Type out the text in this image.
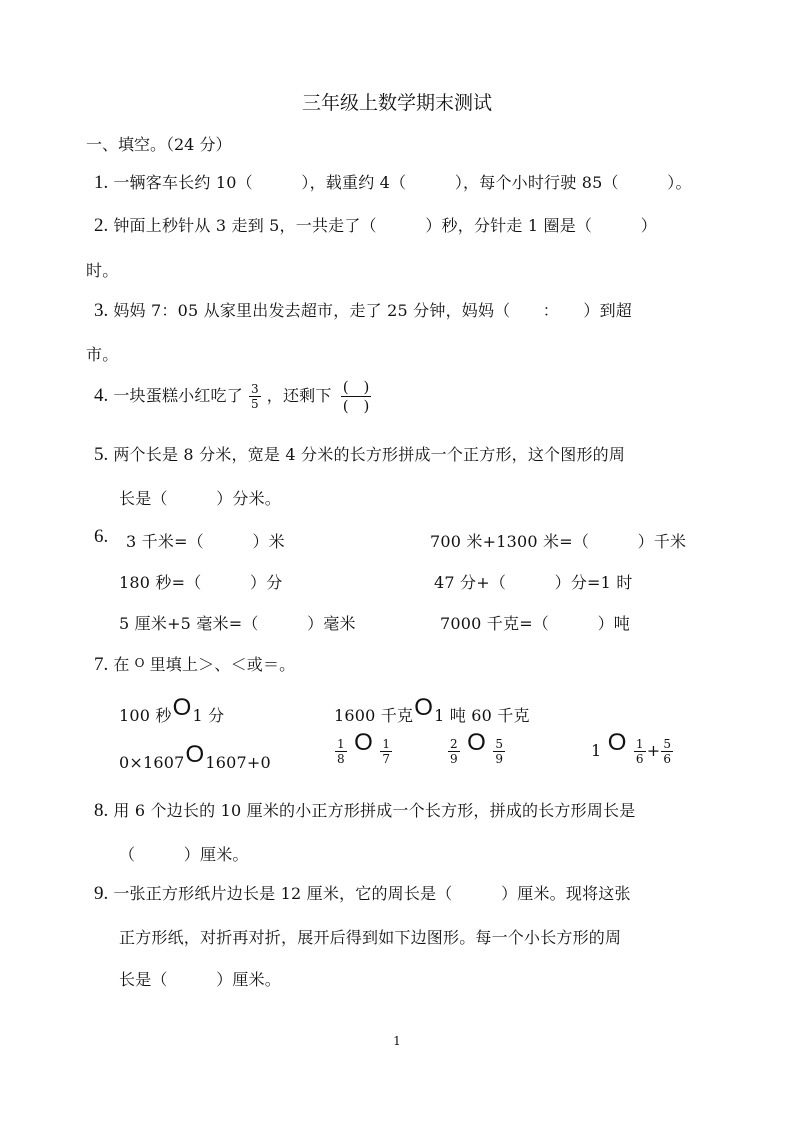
三年级上数学期末测试
一、填空。（24 分）
1. 一辆客车长约 10（　　　），载重约 4（　　　），每个小时行驶 85（　　　）。
2. 钟面上秒针从 3 走到 5，一共走了（　　　）秒，分针走 1 圈是（　　　）
时。
3. 妈妈 7：05 从家里出发去超市，走了 25 分钟，妈妈（　　：　　）到超
市。
4. 一块蛋糕小红吃了 $\frac{3}{5}$ ，还剩下 (　)
(　)
5. 两个长是 8 分米，宽是 4 分米的长方形拼成一个正方形，这个图形的周
长是（　　　）分米。
6. 3 千米=（　　　）米	700 米+1300 米=（　　　）千米
180 秒=（　　　）分	47 分+（　　　）分=1 时
5 厘米+5 毫米=（　　　）毫米	7000 千克=（　　　）吨
7. 在 O 里填上＞、＜或＝。
100 秒O1 分	1600 千克O1 吨 60 千克
0×1607O1607+0	$\frac{1}{8}$ O $\frac{1}{7}$	$\frac{2}{9}$ O $\frac{5}{9}$	1 O $\frac{1}{6} + \frac{5}{6}$
8. 用 6 个边长的 10 厘米的小正方形拼成一个长方形，拼成的长方形周长是
（　　　）厘米。
9. 一张正方形纸片边长是 12 厘米，它的周长是（　　　）厘米。现将这张
正方形纸，对折再对折，展开后得到如下边图形。每一个小长方形的周
长是（　　　）厘米。
1
